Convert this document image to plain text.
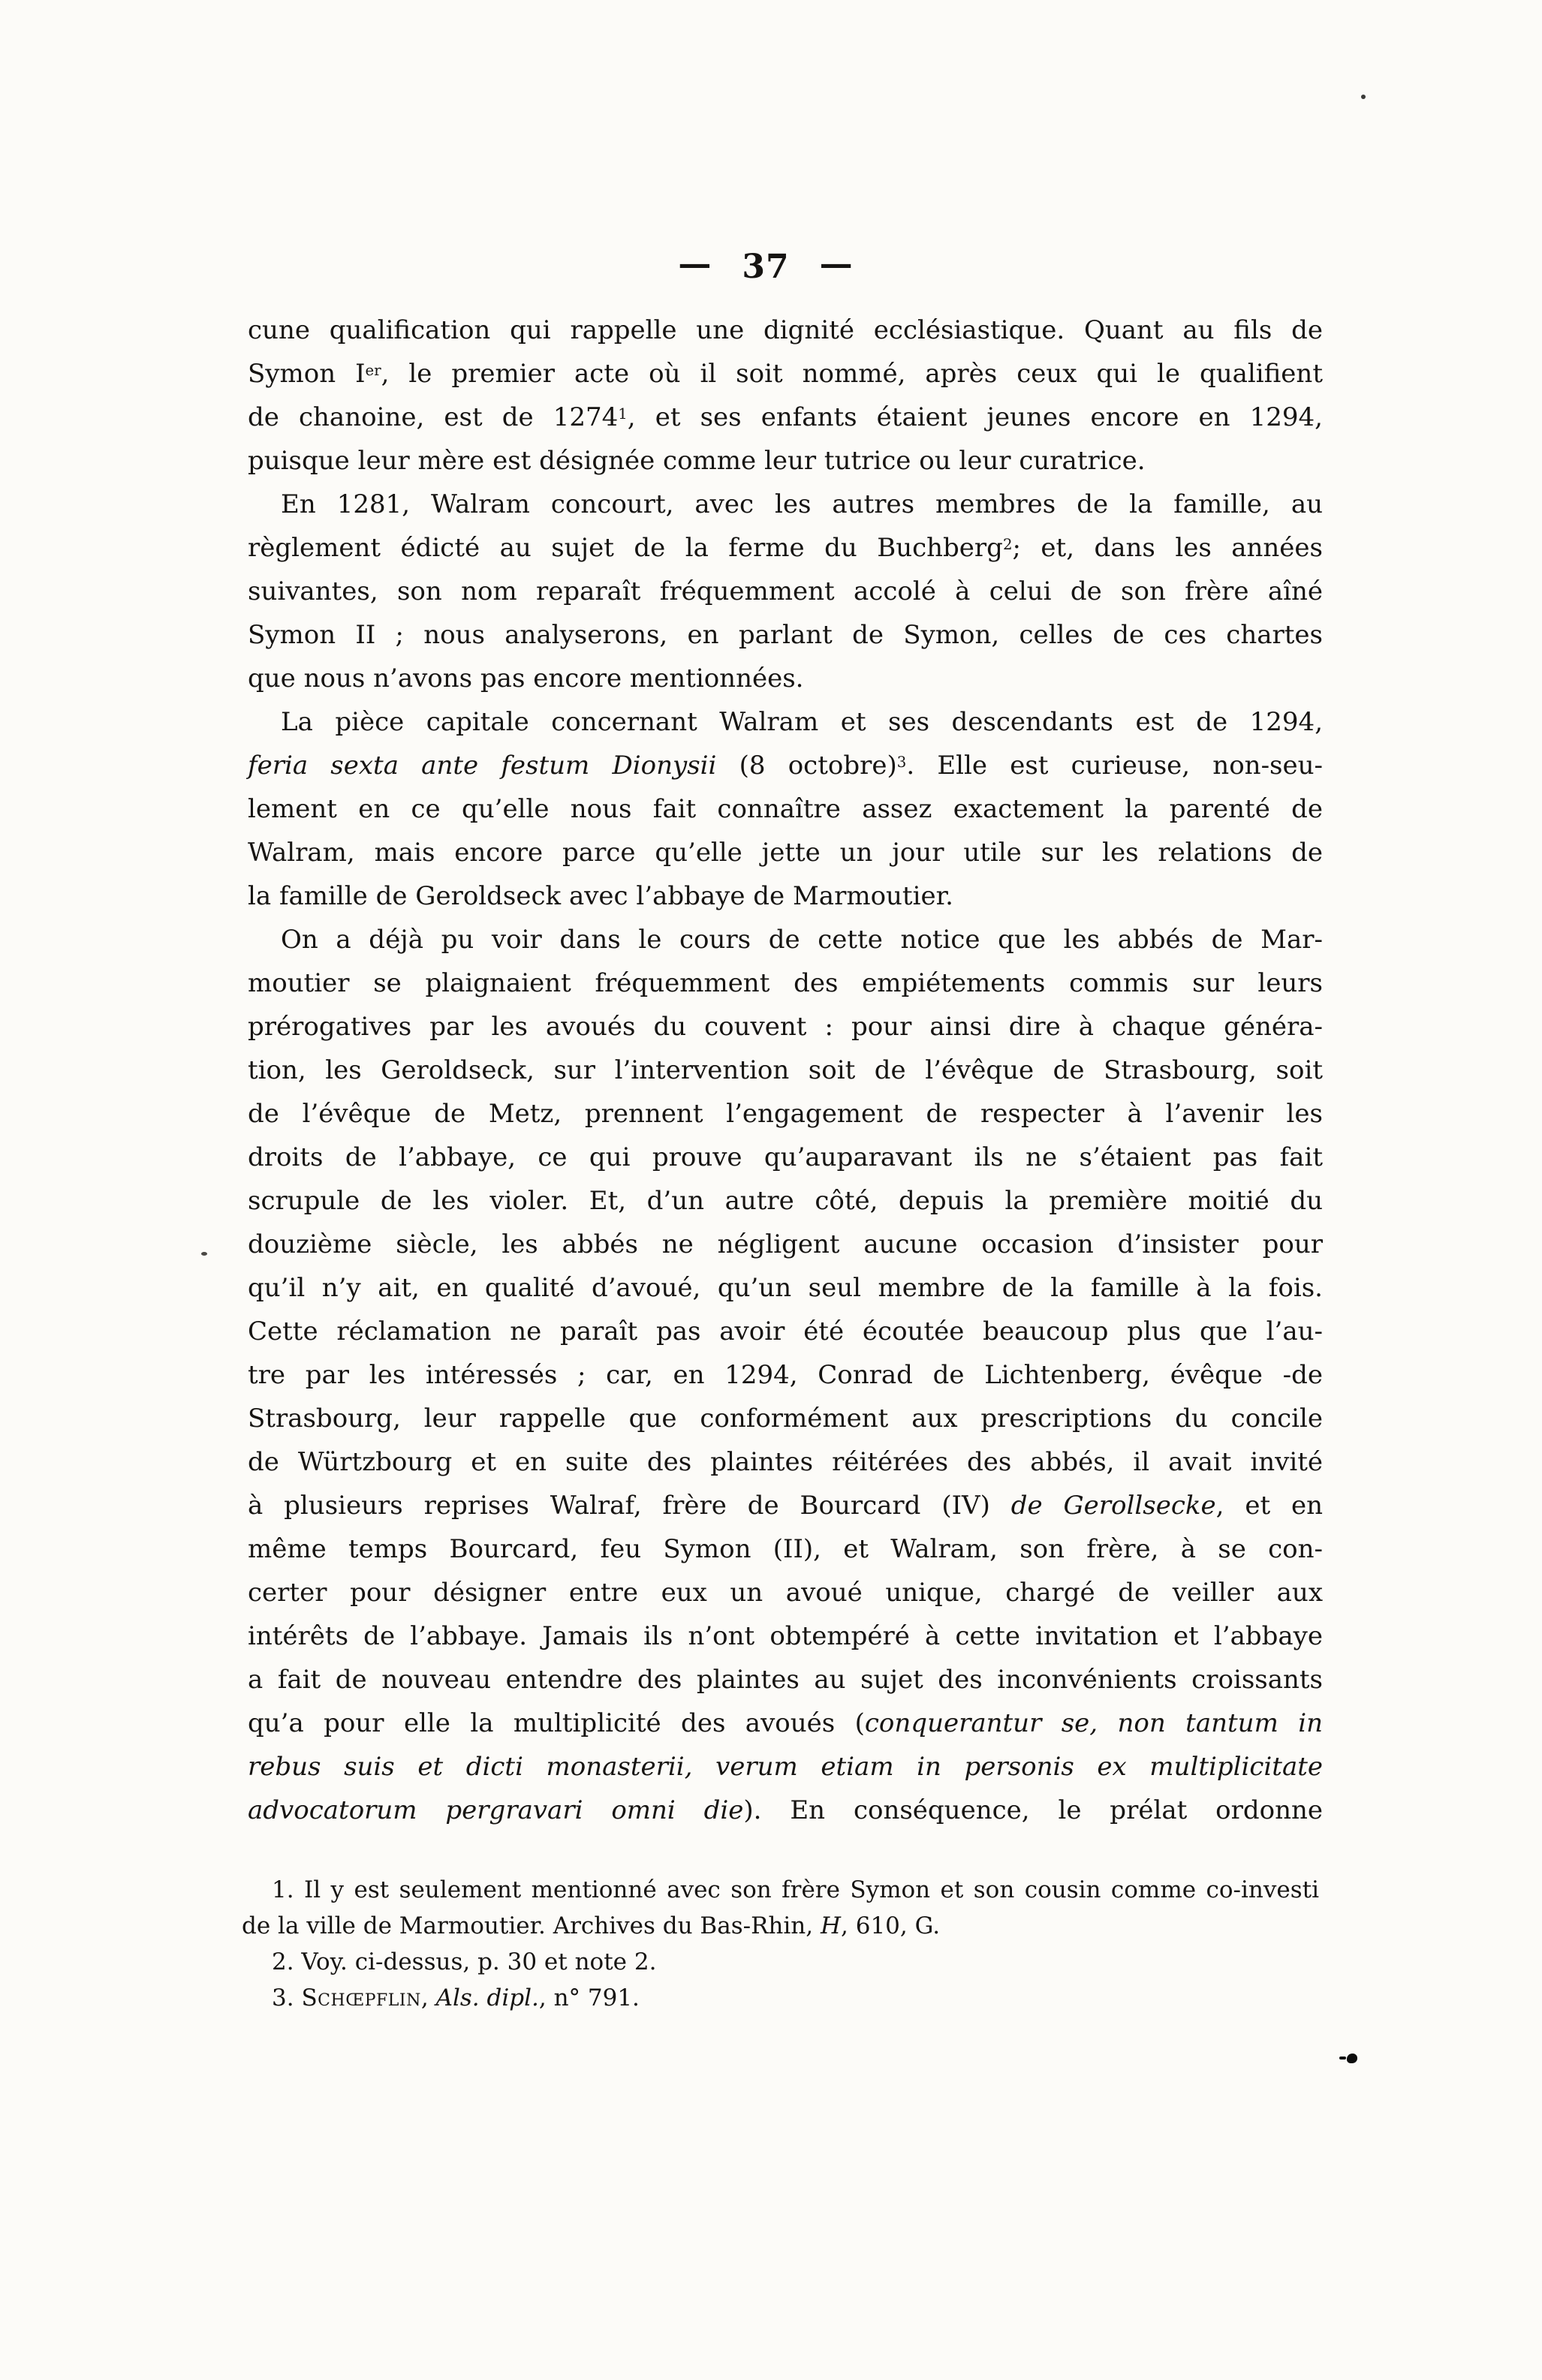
— 37 —
cune qualification qui rappelle une dignité ecclésiastique. Quant au fils de
Symon Ier, le premier acte où il soit nommé, après ceux qui le qualifient
de chanoine, est de 1274$^1$, et ses enfants étaient jeunes encore en 1294,
puisque leur mère est désignée comme leur tutrice ou leur curatrice.
En 1281, Walram concourt, avec les autres membres de la famille, au
règlement édicté au sujet de la ferme du Buchberg$^2$; et, dans les années
suivantes, son nom reparaît fréquemment accolé à celui de son frère aîné
Symon II ; nous analyserons, en parlant de Symon, celles de ces chartes
que nous n’avons pas encore mentionnées.
La pièce capitale concernant Walram et ses descendants est de 1294,
feria sexta ante festum Dionysii (8 octobre)$^3$. Elle est curieuse, non-seu-
lement en ce qu’elle nous fait connaître assez exactement la parenté de
Walram, mais encore parce qu’elle jette un jour utile sur les relations de
la famille de Geroldseck avec l’abbaye de Marmoutier.
On a déjà pu voir dans le cours de cette notice que les abbés de Mar-
moutier se plaignaient fréquemment des empiétements commis sur leurs
prérogatives par les avoués du couvent : pour ainsi dire à chaque généra-
tion, les Geroldseck, sur l’intervention soit de l’évêque de Strasbourg, soit
de l’évêque de Metz, prennent l’engagement de respecter à l’avenir les
droits de l’abbaye, ce qui prouve qu’auparavant ils ne s’étaient pas fait
scrupule de les violer. Et, d’un autre côté, depuis la première moitié du
douzième siècle, les abbés ne négligent aucune occasion d’insister pour
qu’il n’y ait, en qualité d’avoué, qu’un seul membre de la famille à la fois.
Cette réclamation ne paraît pas avoir été écoutée beaucoup plus que l’au-
tre par les intéressés ; car, en 1294, Conrad de Lichtenberg, évêque -de
Strasbourg, leur rappelle que conformément aux prescriptions du concile
de Würtzbourg et en suite des plaintes réitérées des abbés, il avait invité
à plusieurs reprises Walraf, frère de Bourcard (IV) de Gerollsecke, et en
même temps Bourcard, feu Symon (II), et Walram, son frère, à se con-
certer pour désigner entre eux un avoué unique, chargé de veiller aux
intérêts de l’abbaye. Jamais ils n’ont obtempéré à cette invitation et l’abbaye
a fait de nouveau entendre des plaintes au sujet des inconvénients croissants
qu’a pour elle la multiplicité des avoués (conquerantur se, non tantum in
rebus suis et dicti monasterii, verum etiam in personis ex multiplicitate
advocatorum pergravari omni die). En conséquence, le prélat ordonne
1. Il y est seulement mentionné avec son frère Symon et son cousin comme co-investi
de la ville de Marmoutier. Archives du Bas-Rhin, H, 610, G.
2. Voy. ci-dessus, p. 30 et note 2.
3. Schœpflin, Als. dipl., n° 791.
